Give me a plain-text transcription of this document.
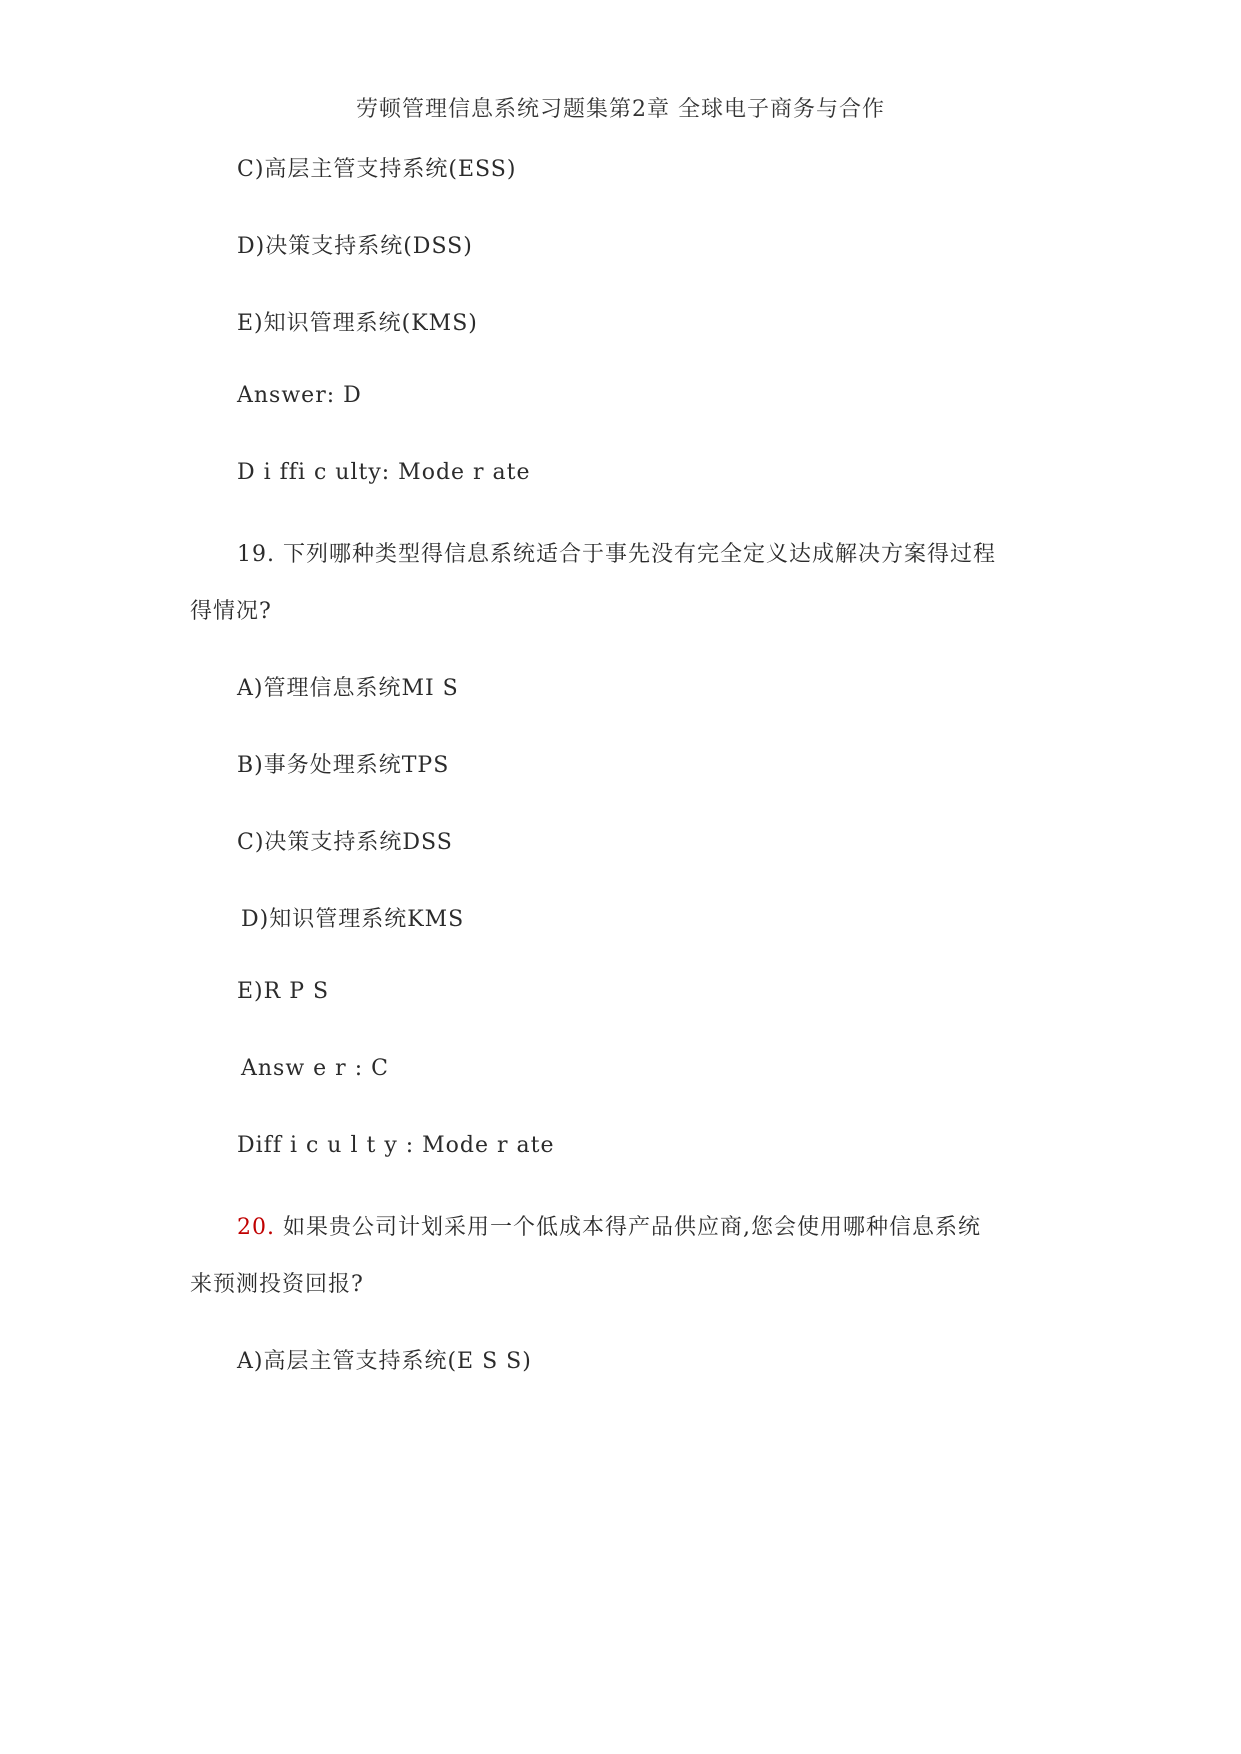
劳顿管理信息系统习题集第2章 全球电子商务与合作
C)高层主管支持系统(ESS)
D)决策支持系统(DSS)
E)知识管理系统(KMS)
Answer: D
D i ffi c ulty: Mode r ate
19. 下列哪种类型得信息系统适合于事先没有完全定义达成解决方案得过程
得情况?
A)管理信息系统MI S
B)事务处理系统TPS
C)决策支持系统DSS
D)知识管理系统KMS
E)R P S
Answ e r : C
Diff i c u l t y : Mode r ate
20. 如果贵公司计划采用一个低成本得产品供应商,您会使用哪种信息系统
来预测投资回报?
A)高层主管支持系统(E S S)
